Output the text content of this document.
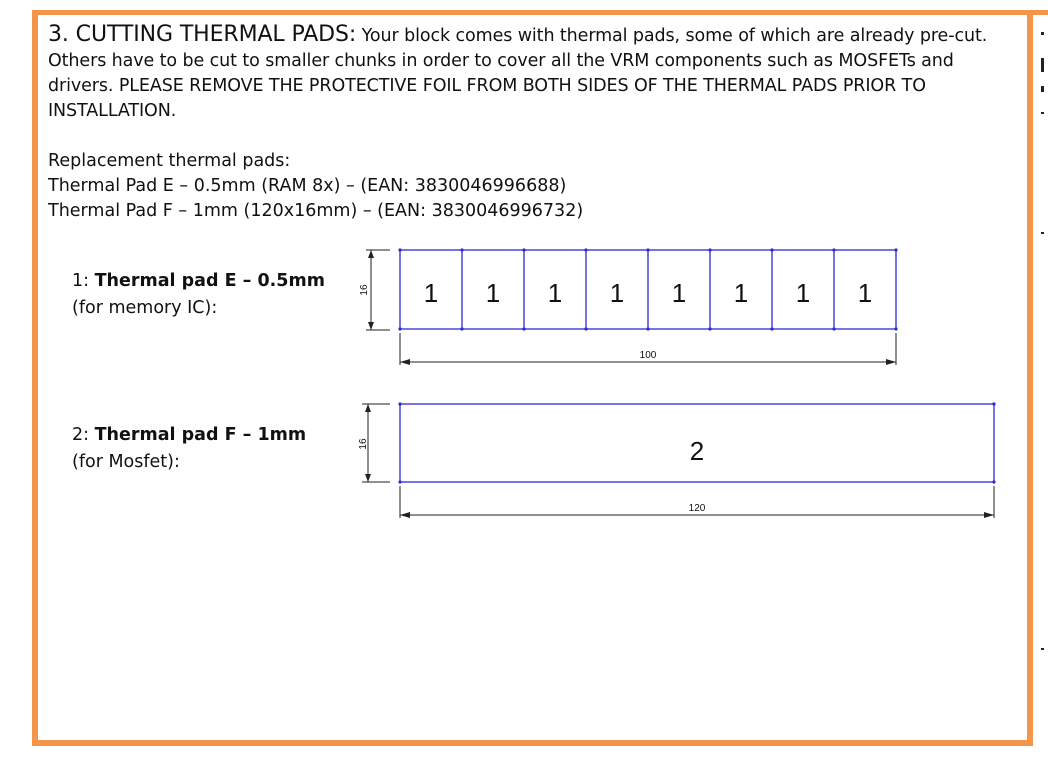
3. CUTTING THERMAL PADS: Your block comes with thermal pads, some of which are already pre-cut. Others have to be cut to smaller chunks in order to cover all the VRM components such as MOSFETs and drivers. PLEASE REMOVE THE PROTECTIVE FOIL FROM BOTH SIDES OF THE THERMAL PADS PRIOR TO INSTALLATION.

Replacement thermal pads:
Thermal Pad E – 0.5mm (RAM 8x) – (EAN: 3830046996688)
Thermal Pad F – 1mm (120x16mm) – (EAN: 3830046996732)
1: Thermal pad E – 0.5mm
(for memory IC):
2: Thermal pad F – 1mm
(for Mosfet):
16 1 1 1 1 1 1 1 1
100
16	2
120
